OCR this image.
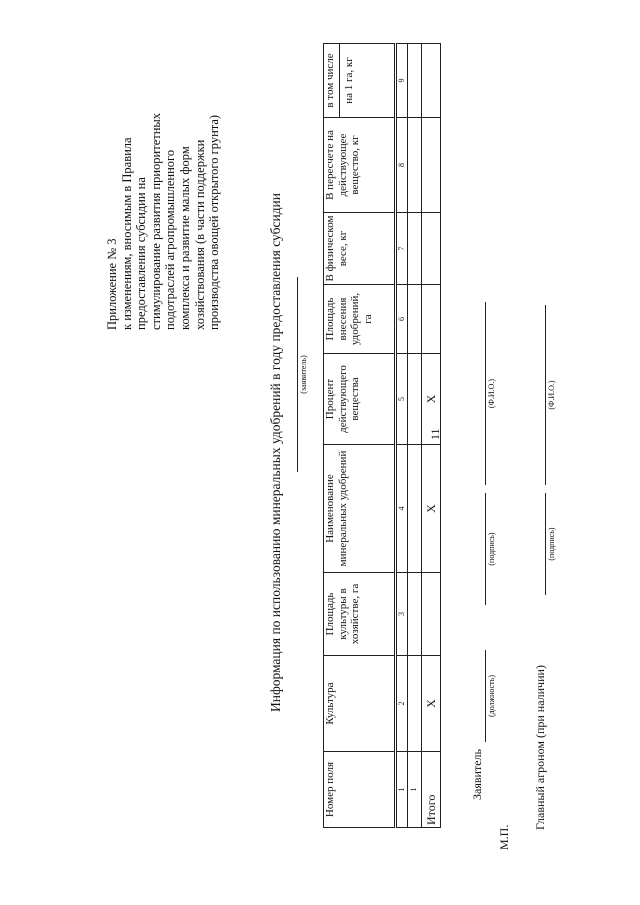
11
Приложение № 3 к изменениям, вносимым в Правила предоставления субсидии на стимулирование развития приоритетных подотраслей агропромышленного комплекса и развитие малых форм хозяйствования (в части поддержки производства овощей открытого грунта)	Информация по использованию минеральных удобрений в году предоставления субсидии (заявитель)
Номер поля	Культура	Площадь культуры в хозяйстве, га	Наименование минеральных удобрений	Процент действующего вещества	Площадь внесения удобрений, га	В физическом весе, кг	В пересчете на действующее вещество, кг	в том числе на 1 га, кг

1	2	3	4	5	6	7	8	9
1								
Итого	Х		Х	Х				
Заявитель
(должность)
(подпись)
(Ф.И.О.)
М.П.
Главный агроном (при наличии)
(подпись)
(Ф.И.О.)
